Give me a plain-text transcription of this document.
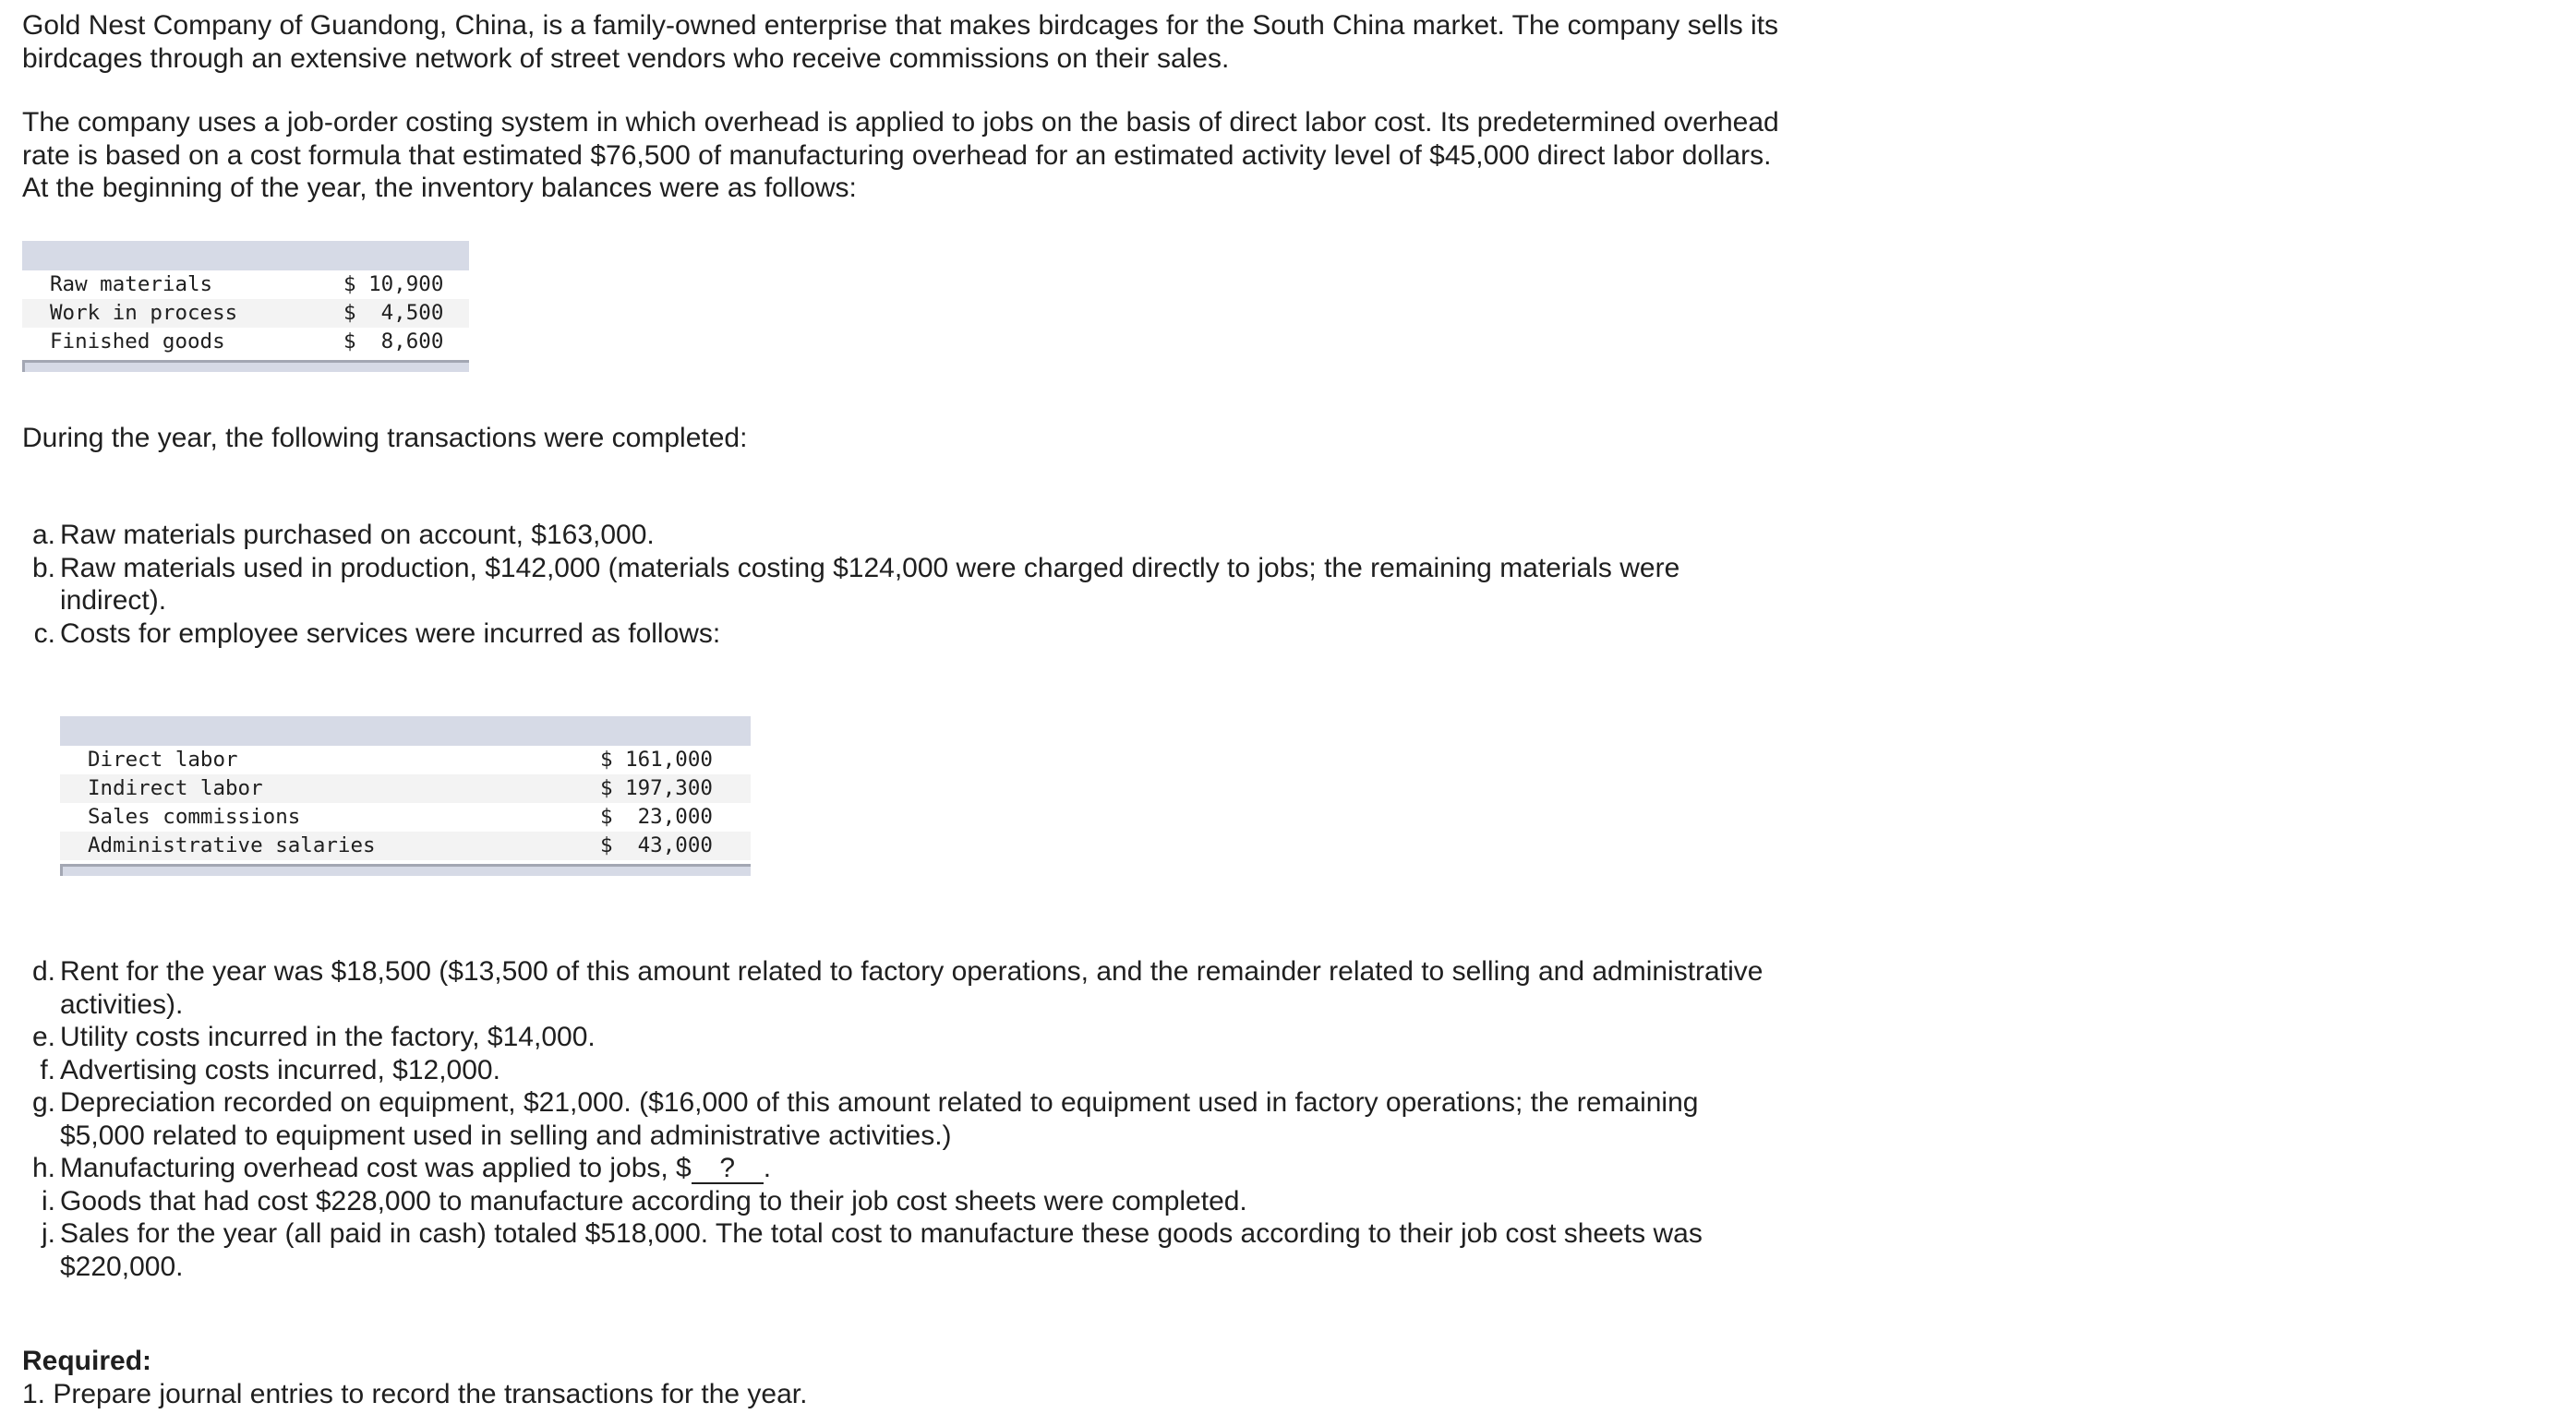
Gold Nest Company of Guandong, China, is a family-owned enterprise that makes birdcages for the South China market. The company sells its birdcages through an extensive network of street vendors who receive commissions on their sales.

The company uses a job-order costing system in which overhead is applied to jobs on the basis of direct labor cost. Its predetermined overhead rate is based on a cost formula that estimated $76,500 of manufacturing overhead for an estimated activity level of $45,000 direct labor dollars. At the beginning of the year, the inventory balances were as follows:

Raw materials	$ 10,900
Work in process	$  4,500
Finished goods	$  8,600

During the year, the following transactions were completed:

a. Raw materials purchased on account, $163,000.
b. Raw materials used in production, $142,000 (materials costing $124,000 were charged directly to jobs; the remaining materials were indirect).
c. Costs for employee services were incurred as follows:
Direct labor	$ 161,000
Indirect labor	$ 197,300
Sales commissions	$  23,000
Administrative salaries	$  43,000
d. Rent for the year was $18,500 ($13,500 of this amount related to factory operations, and the remainder related to selling and administrative activities).
e. Utility costs incurred in the factory, $14,000.
f. Advertising costs incurred, $12,000.
g. Depreciation recorded on equipment, $21,000. ($16,000 of this amount related to equipment used in factory operations; the remaining $5,000 related to equipment used in selling and administrative activities.)
h. Manufacturing overhead cost was applied to jobs, $ ? .
i. Goods that had cost $228,000 to manufacture according to their job cost sheets were completed.
j. Sales for the year (all paid in cash) totaled $518,000. The total cost to manufacture these goods according to their job cost sheets was $220,000.
Required:
1. Prepare journal entries to record the transactions for the year.
